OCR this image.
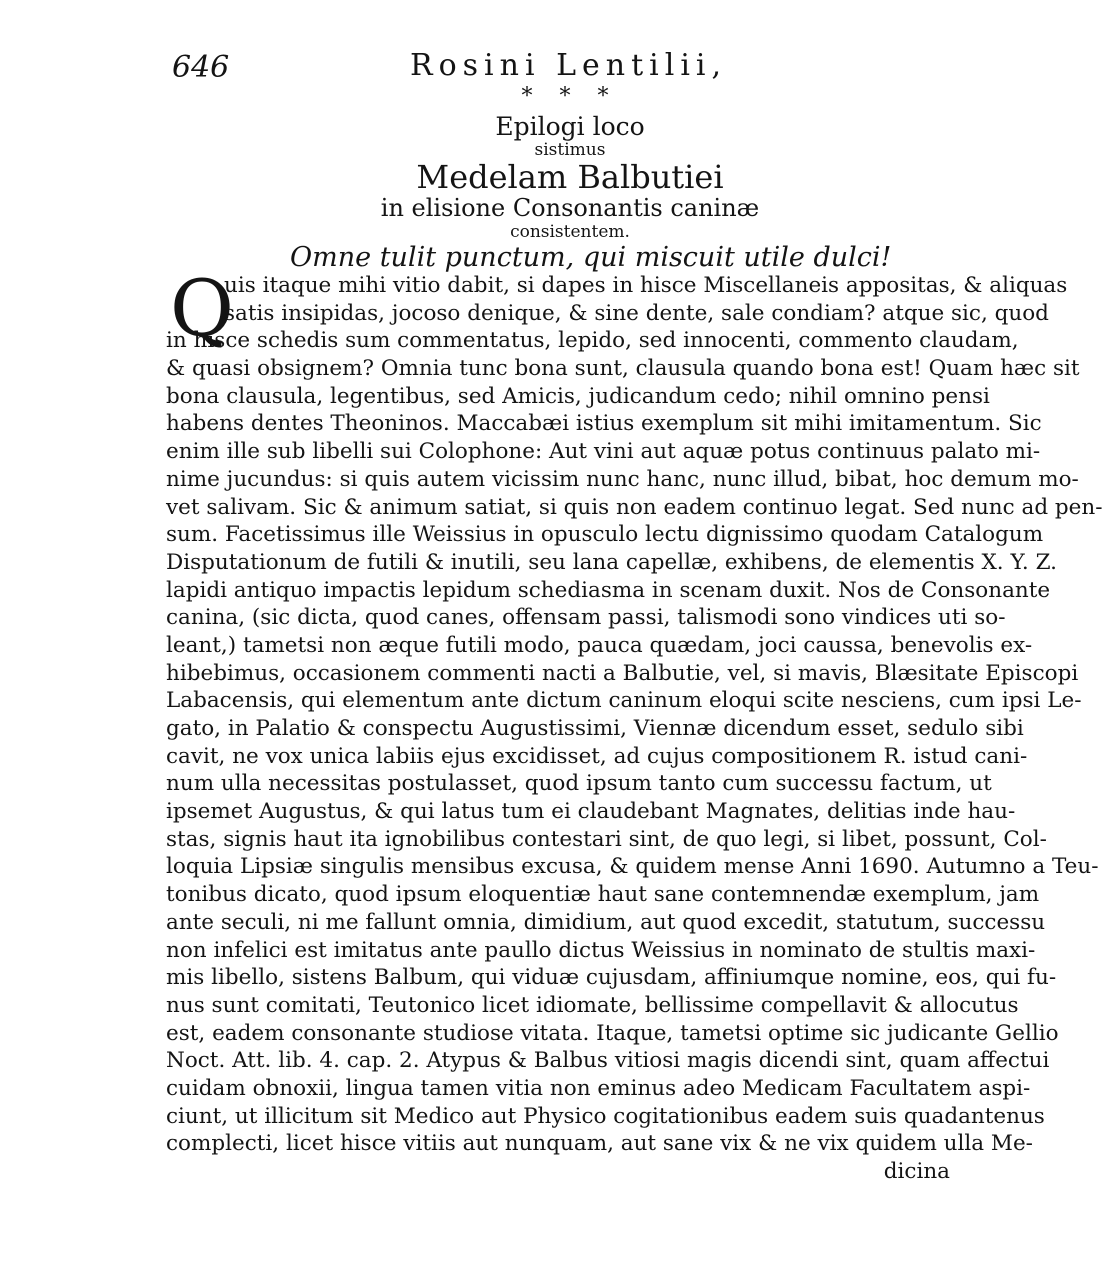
646	Rosini Lentilii,
* * *
Epilogi loco
sistimus
Medelam Balbutiei
in elisione Consonantis caninæ
consistentem.
Omne tulit punctum, qui miscuit utile dulci!
Q
uis itaque mihi vitio dabit, si dapes in hisce Miscellaneis appositas, & aliquas
satis insipidas, jocoso denique, & sine dente, sale condiam? atque sic, quod
in hisce schedis sum commentatus, lepido, sed innocenti, commento claudam,
& quasi obsignem? Omnia tunc bona sunt, clausula quando bona est! Quam hæc sit
bona clausula, legentibus, sed Amicis, judicandum cedo; nihil omnino pensi
habens dentes Theoninos. Maccabæi istius exemplum sit mihi imitamentum. Sic
enim ille sub libelli sui Colophone: Aut vini aut aquæ potus continuus palato mi-
nime jucundus: si quis autem vicissim nunc hanc, nunc illud, bibat, hoc demum mo-
vet salivam. Sic & animum satiat, si quis non eadem continuo legat. Sed nunc ad pen-
sum. Facetissimus ille Weissius in opusculo lectu dignissimo quodam Catalogum
Disputationum de futili & inutili, seu lana capellæ, exhibens, de elementis X. Y. Z.
lapidi antiquo impactis lepidum schediasma in scenam duxit. Nos de Consonante
canina, (sic dicta, quod canes, offensam passi, talismodi sono vindices uti so-
leant,) tametsi non æque futili modo, pauca quædam, joci caussa, benevolis ex-
hibebimus, occasionem commenti nacti a Balbutie, vel, si mavis, Blæsitate Episcopi
Labacensis, qui elementum ante dictum caninum eloqui scite nesciens, cum ipsi Le-
gato, in Palatio & conspectu Augustissimi, Viennæ dicendum esset, sedulo sibi
cavit, ne vox unica labiis ejus excidisset, ad cujus compositionem R. istud cani-
num ulla necessitas postulasset, quod ipsum tanto cum successu factum, ut
ipsemet Augustus, & qui latus tum ei claudebant Magnates, delitias inde hau-
stas, signis haut ita ignobilibus contestari sint, de quo legi, si libet, possunt, Col-
loquia Lipsiæ singulis mensibus excusa, & quidem mense Anni 1690. Autumno a Teu-
tonibus dicato, quod ipsum eloquentiæ haut sane contemnendæ exemplum, jam
ante seculi, ni me fallunt omnia, dimidium, aut quod excedit, statutum, successu
non infelici est imitatus ante paullo dictus Weissius in nominato de stultis maxi-
mis libello, sistens Balbum, qui viduæ cujusdam, affiniumque nomine, eos, qui fu-
nus sunt comitati, Teutonico licet idiomate, bellissime compellavit & allocutus
est, eadem consonante studiose vitata. Itaque, tametsi optime sic judicante Gellio
Noct. Att. lib. 4. cap. 2. Atypus & Balbus vitiosi magis dicendi sint, quam affectui
cuidam obnoxii, lingua tamen vitia non eminus adeo Medicam Facultatem aspi-
ciunt, ut illicitum sit Medico aut Physico cogitationibus eadem suis quadantenus
complecti, licet hisce vitiis aut nunquam, aut sane vix & ne vix quidem ulla Me-
dicina
